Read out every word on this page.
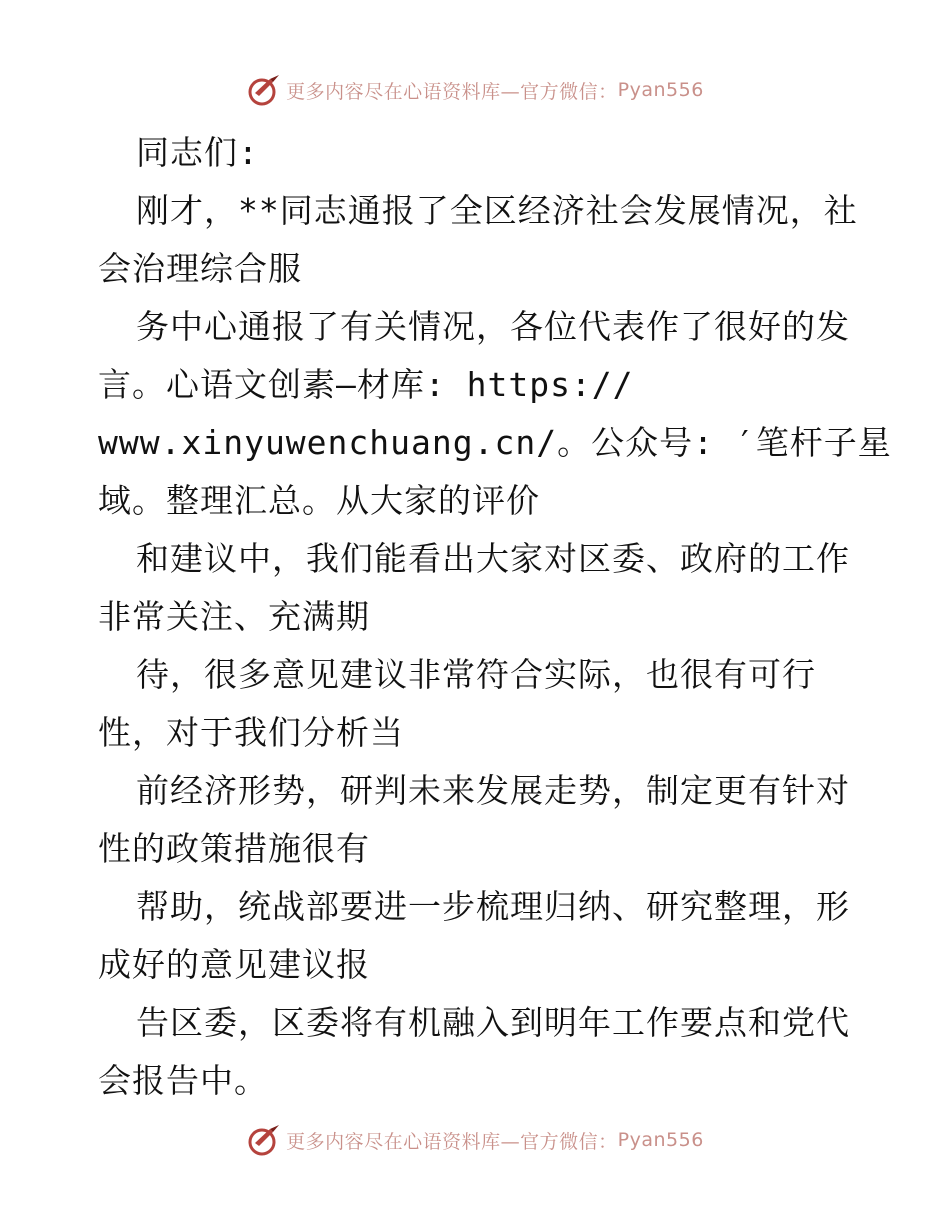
更多内容尽在心语资料库—官方微信： Pyan556

同志们:

刚才，**同志通报了全区经济社会发展情况，社

会治理综合服

务中心通报了有关情况，各位代表作了很好的发

言。心语文创素—材库: https://

www.xinyuwenchuang.cn/。公众号: ′笔杆子星

域。整理汇总。从大家的评价

和建议中，我们能看出大家对区委、政府的工作

非常关注、充满期

待，很多意见建议非常符合实际，也很有可行

性，对于我们分析当

前经济形势，研判未来发展走势，制定更有针对

性的政策措施很有

帮助，统战部要进一步梳理归纳、研究整理，形

成好的意见建议报

告区委，区委将有机融入到明年工作要点和党代

会报告中。

更多内容尽在心语资料库—官方微信： Pyan556
